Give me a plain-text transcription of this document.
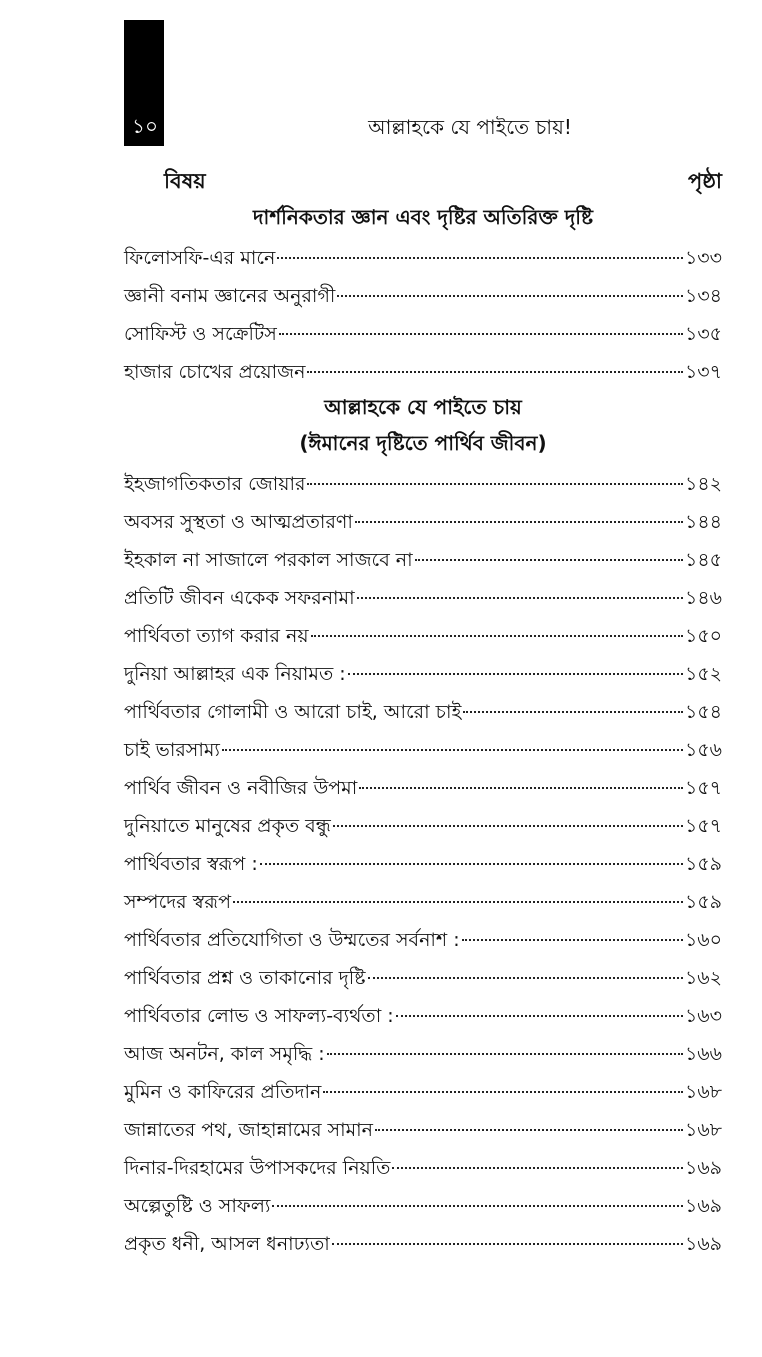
১০	আল্লাহকে যে পাইতে চায়!
বিষয়	পৃষ্ঠা
দার্শনিকতার জ্ঞান এবং দৃষ্টির অতিরিক্ত দৃষ্টি
ফিলোসফি-এর মানে	১৩৩
জ্ঞানী বনাম জ্ঞানের অনুরাগী	১৩৪
সোফিস্ট ও সক্রেটিস	১৩৫
হাজার চোখের প্রয়োজন	১৩৭
আল্লাহকে যে পাইতে চায়
(ঈমানের দৃষ্টিতে পার্থিব জীবন)
ইহজাগতিকতার জোয়ার	১৪২
অবসর সুস্থতা ও আত্মপ্রতারণা	১৪৪
ইহকাল না সাজালে পরকাল সাজবে না	১৪৫
প্রতিটি জীবন একেক সফরনামা	১৪৬
পার্থিবতা ত্যাগ করার নয়	১৫০
দুনিয়া আল্লাহর এক নিয়ামত :	১৫২
পার্থিবতার গোলামী ও আরো চাই, আরো চাই	১৫৪
চাই ভারসাম্য	১৫৬
পার্থিব জীবন ও নবীজির উপমা	১৫৭
দুনিয়াতে মানুষের প্রকৃত বন্ধু	১৫৭
পার্থিবতার স্বরূপ :	১৫৯
সম্পদের স্বরূপ	১৫৯
পার্থিবতার প্রতিযোগিতা ও উম্মতের সর্বনাশ :	১৬০
পার্থিবতার প্রশ্ন ও তাকানোর দৃষ্টি	১৬২
পার্থিবতার লোভ ও সাফল্য-ব্যর্থতা :	১৬৩
আজ অনটন, কাল সমৃদ্ধি :	১৬৬
মুমিন ও কাফিরের প্রতিদান	১৬৮
জান্নাতের পথ, জাহান্নামের সামান	১৬৮
দিনার-দিরহামের উপাসকদের নিয়তি	১৬৯
অল্পেতুষ্টি ও সাফল্য	১৬৯
প্রকৃত ধনী, আসল ধনাঢ্যতা	১৬৯
